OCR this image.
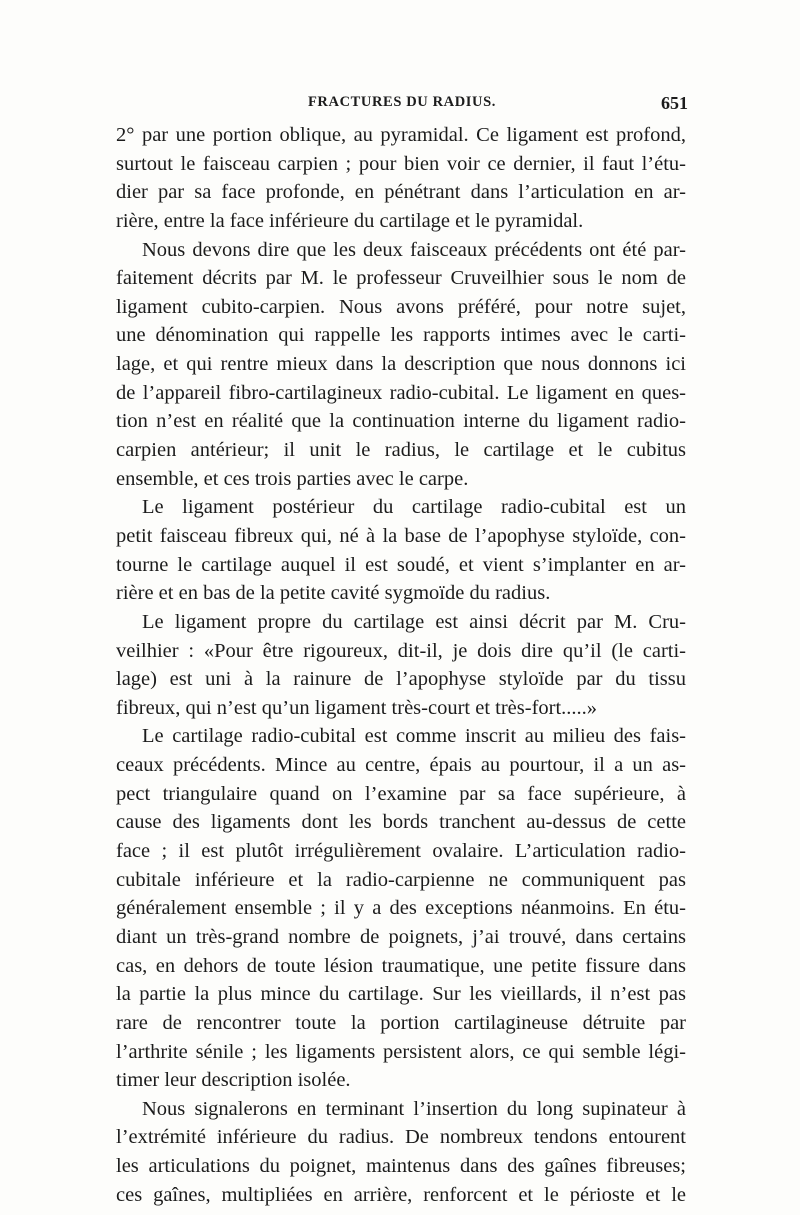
FRACTURES DU RADIUS.	651
2° par une portion oblique, au pyramidal. Ce ligament est profond,
surtout le faisceau carpien ; pour bien voir ce dernier, il faut l’étu-
dier par sa face profonde, en pénétrant dans l’articulation en ar-
rière, entre la face inférieure du cartilage et le pyramidal.
Nous devons dire que les deux faisceaux précédents ont été par-
faitement décrits par M. le professeur Cruveilhier sous le nom de
ligament cubito-carpien. Nous avons préféré, pour notre sujet,
une dénomination qui rappelle les rapports intimes avec le carti-
lage, et qui rentre mieux dans la description que nous donnons ici
de l’appareil fibro-cartilagineux radio-cubital. Le ligament en ques-
tion n’est en réalité que la continuation interne du ligament radio-
carpien antérieur; il unit le radius, le cartilage et le cubitus
ensemble, et ces trois parties avec le carpe.
Le ligament postérieur du cartilage radio-cubital est un
petit faisceau fibreux qui, né à la base de l’apophyse styloïde, con-
tourne le cartilage auquel il est soudé, et vient s’implanter en ar-
rière et en bas de la petite cavité sygmoïde du radius.
Le ligament propre du cartilage est ainsi décrit par M. Cru-
veilhier : «Pour être rigoureux, dit-il, je dois dire qu’il (le carti-
lage) est uni à la rainure de l’apophyse styloïde par du tissu
fibreux, qui n’est qu’un ligament très-court et très-fort.....»
Le cartilage radio-cubital est comme inscrit au milieu des fais-
ceaux précédents. Mince au centre, épais au pourtour, il a un as-
pect triangulaire quand on l’examine par sa face supérieure, à
cause des ligaments dont les bords tranchent au-dessus de cette
face ; il est plutôt irrégulièrement ovalaire. L’articulation radio-
cubitale inférieure et la radio-carpienne ne communiquent pas
généralement ensemble ; il y a des exceptions néanmoins. En étu-
diant un très-grand nombre de poignets, j’ai trouvé, dans certains
cas, en dehors de toute lésion traumatique, une petite fissure dans
la partie la plus mince du cartilage. Sur les vieillards, il n’est pas
rare de rencontrer toute la portion cartilagineuse détruite par
l’arthrite sénile ; les ligaments persistent alors, ce qui semble légi-
timer leur description isolée.
Nous signalerons en terminant l’insertion du long supinateur à
l’extrémité inférieure du radius. De nombreux tendons entourent
les articulations du poignet, maintenus dans des gaînes fibreuses;
ces gaînes, multipliées en arrière, renforcent et le périoste et le
